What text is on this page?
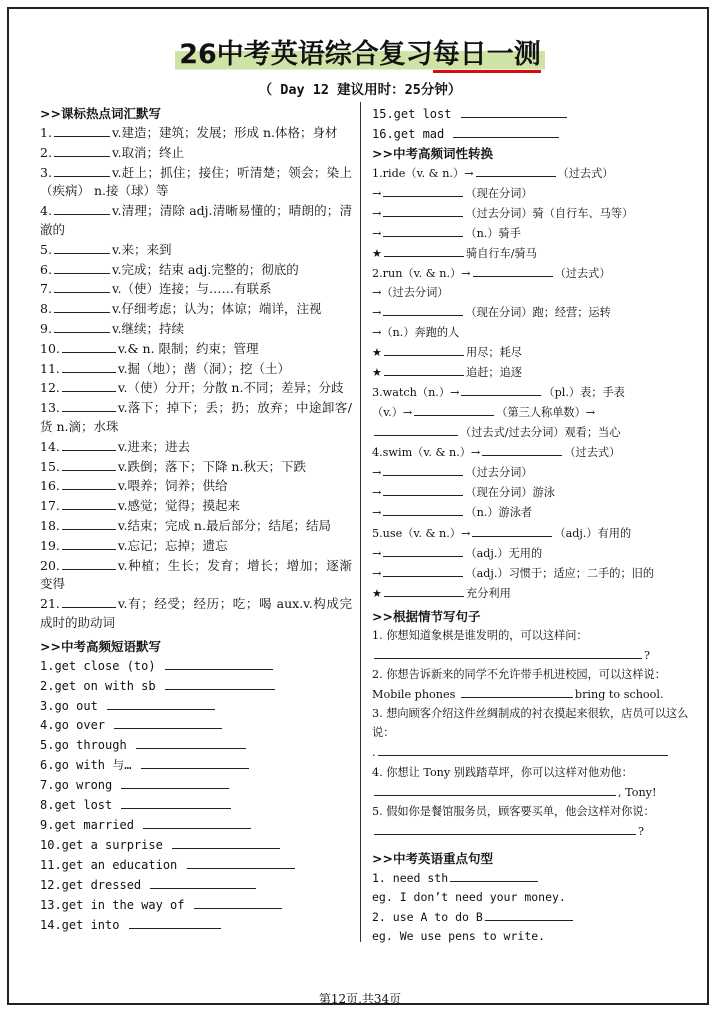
26中考英语综合复习每日一测
（ Day 12 建议用时：25分钟）
>>课标热点词汇默写
1.	v.建造；建筑；发展；形成 n.体格；身材
2.	v.取消；终止
3.	v.赶上；抓住；接住；听清楚；领会；染上（疾病） n.接（球）等
4.	v.清理；清除 adj.清晰易懂的；晴朗的；清澈的
5.	v.来；来到
6.	v.完成；结束 adj.完整的；彻底的
7.	v.（使）连接；与……有联系
8.	v.仔细考虑；认为；体谅；端详，注视
9.	v.继续；持续
10.	v.& n. 限制；约束；管理
11.	v.掘（地）；凿（洞）；挖（土）
12.	v.（使）分开；分散 n.不同；差异；分歧
13.	v.落下；掉下；丢；扔；放弃；中途卸客/货 n.滴；水珠
14.	v.进来；进去
15.	v.跌倒；落下；下降 n.秋天；下跌
16.	v.喂养；饲养；供给
17.	v.感觉；觉得；摸起来
18.	v.结束；完成 n.最后部分；结尾；结局
19.	v.忘记；忘掉；遗忘
20.	v.种植；生长；发育；增长；增加；逐渐变得
21.	v.有；经受；经历；吃；喝 aux.v.构成完成时的助动词
>>中考高频短语默写
1.get close (to)
2.get on with sb
3.go out
4.go over
5.go through
6.go with 与…
7.go wrong
8.get lost
9.get married
10.get a surprise
11.get an education
12.get dressed
13.get in the way of
14.get into
15.get lost
16.get mad
>>中考高频词性转换
1.ride（v. & n.）→	（过去式）
→	（现在分词）
→	（过去分词）骑（自行车、马等）
→	（n.）骑手
★	骑自行车/骑马
2.run（v. & n.）→	（过去式）
→（过去分词）
→	（现在分词）跑；经营；运转
→（n.）奔跑的人
★	用尽；耗尽
★	追赶；追逐
3.watch（n.）→	（pl.）表；手表
（v.）→	（第三人称单数）→
（过去式/过去分词）观看；当心
4.swim（v. & n.）→	（过去式）
→	（过去分词）
→	（现在分词）游泳
→	（n.）游泳者
5.use（v. & n.）→	（adj.）有用的
→	（adj.）无用的
→	（adj.）习惯于；适应；二手的；旧的
★	充分利用
>>根据情节写句子
1. 你想知道象棋是谁发明的，可以这样问：
?
2. 你想告诉新来的同学不允许带手机进校园，可以这样说：
Mobile phones	bring to school.
3. 想向顾客介绍这件丝绸制成的衬衣摸起来很软，店员可以这么说：
.
4. 你想让 Tony 别践踏草坪，你可以这样对他劝他：
, Tony!
5. 假如你是餐馆服务员，顾客要买单，他会这样对你说：
?
>>中考英语重点句型
1. need sth
eg. I don’t need your money.
2. use A to do B
eg. We use pens to write.
第12页,共34页
